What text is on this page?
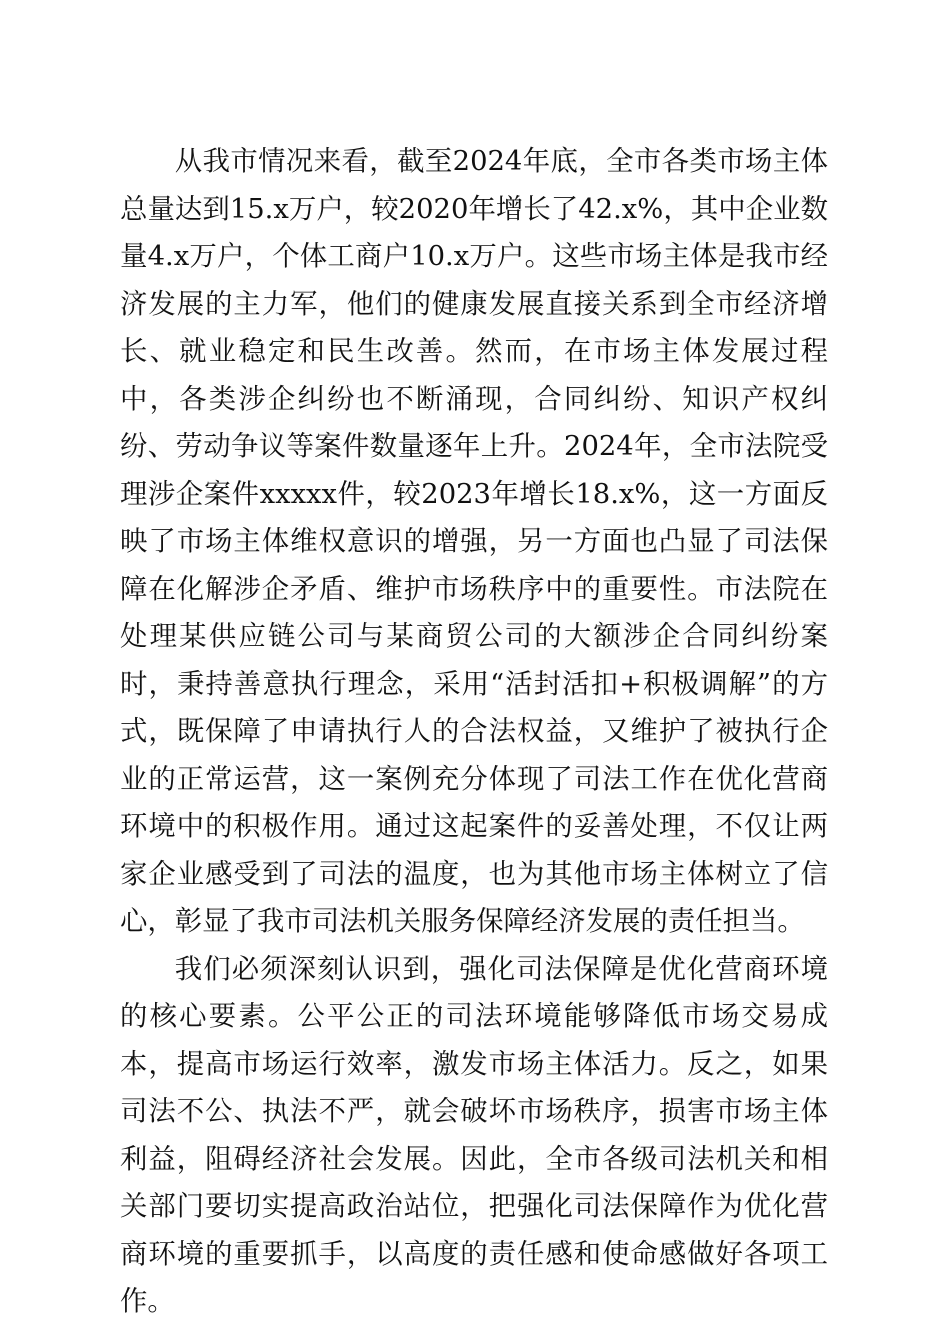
从我市情况来看，截至2024年底，全市各类市场主体总量达到15.x万户，较2020年增长了42.x%，其中企业数量4.x万户，个体工商户10.x万户。这些市场主体是我市经济发展的主力军，他们的健康发展直接关系到全市经济增长、就业稳定和民生改善。然而，在市场主体发展过程中，各类涉企纠纷也不断涌现，合同纠纷、知识产权纠纷、劳动争议等案件数量逐年上升。2024年，全市法院受理涉企案件xxxxx件，较2023年增长18.x%，这一方面反映了市场主体维权意识的增强，另一方面也凸显了司法保障在化解涉企矛盾、维护市场秩序中的重要性。市法院在处理某供应链公司与某商贸公司的大额涉企合同纠纷案时，秉持善意执行理念，采用“活封活扣+积极调解”的方式，既保障了申请执行人的合法权益，又维护了被执行企业的正常运营，这一案例充分体现了司法工作在优化营商环境中的积极作用。通过这起案件的妥善处理，不仅让两家企业感受到了司法的温度，也为其他市场主体树立了信心，彰显了我市司法机关服务保障经济发展的责任担当。

我们必须深刻认识到，强化司法保障是优化营商环境的核心要素。公平公正的司法环境能够降低市场交易成本，提高市场运行效率，激发市场主体活力。反之，如果司法不公、执法不严，就会破坏市场秩序，损害市场主体利益，阻碍经济社会发展。因此，全市各级司法机关和相关部门要切实提高政治站位，把强化司法保障作为优化营商环境的重要抓手，以高度的责任感和使命感做好各项工作。
